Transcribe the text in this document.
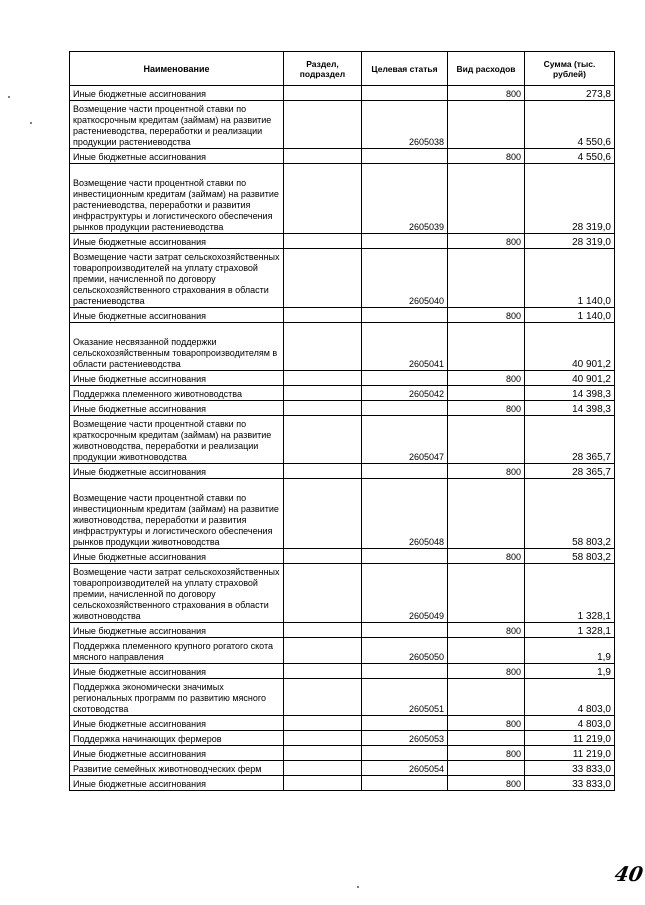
Наименование	Раздел, подраздел	Целевая статья	Вид расходов	Сумма (тыс. рублей)
Иные бюджетные ассигнования			800	273,8
Возмещение части процентной ставки по краткосрочным кредитам (займам) на развитие растениеводства, переработки и реализации продукции растениеводства		2605038		4 550,6
Иные бюджетные ассигнования			800	4 550,6
Возмещение части процентной ставки по инвестиционным кредитам (займам) на развитие растениеводства, переработки и развития инфраструктуры и логистического обеспечения рынков продукции растениеводства		2605039		28 319,0
Иные бюджетные ассигнования			800	28 319,0
Возмещение части затрат сельскохозяйственных товаропроизводителей на уплату страховой премии, начисленной по договору сельскохозяйственного страхования в области растениеводства		2605040		1 140,0
Иные бюджетные ассигнования			800	1 140,0
Оказание несвязанной поддержки сельскохозяйственным товаропроизводителям в области растениеводства		2605041		40 901,2
Иные бюджетные ассигнования			800	40 901,2
Поддержка племенного животноводства		2605042		14 398,3
Иные бюджетные ассигнования			800	14 398,3
Возмещение части процентной ставки по краткосрочным кредитам (займам) на развитие животноводства, переработки и реализации продукции животноводства		2605047		28 365,7
Иные бюджетные ассигнования			800	28 365,7
Возмещение части процентной ставки по инвестиционным кредитам (займам) на развитие животноводства, переработки и развития инфраструктуры и логистического обеспечения рынков продукции животноводства		2605048		58 803,2
Иные бюджетные ассигнования			800	58 803,2
Возмещение части затрат сельскохозяйственных товаропроизводителей на уплату страховой премии, начисленной по договору сельскохозяйственного страхования в области животноводства		2605049		1 328,1
Иные бюджетные ассигнования			800	1 328,1
Поддержка племенного крупного рогатого скота мясного направления		2605050		1,9
Иные бюджетные ассигнования			800	1,9
Поддержка экономически значимых региональных программ по развитию мясного скотоводства		2605051		4 803,0
Иные бюджетные ассигнования			800	4 803,0
Поддержка начинающих фермеров		2605053		11 219,0
Иные бюджетные ассигнования			800	11 219,0
Развитие семейных животноводческих ферм		2605054		33 833,0
Иные бюджетные ассигнования			800	33 833,0
40
